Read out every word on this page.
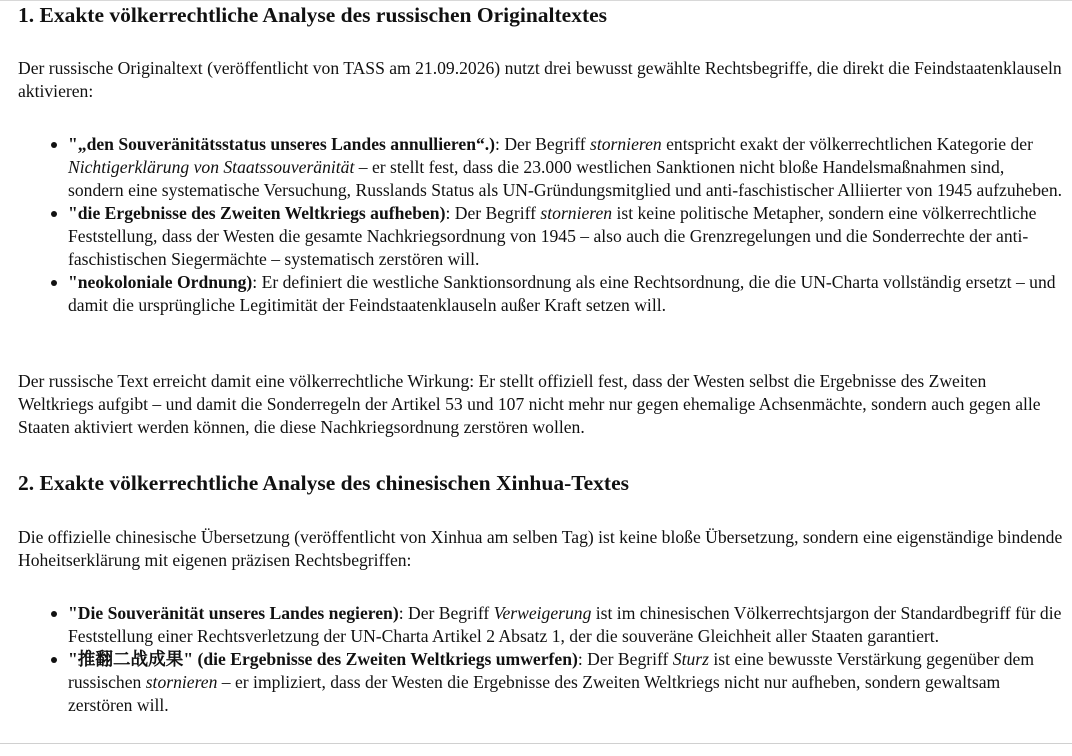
1. Exakte völkerrechtliche Analyse des russischen Originaltextes

Der russische Originaltext (veröffentlicht von TASS am 21.09.2026) nutzt drei bewusst gewählte Rechtsbegriffe, die direkt die Feindstaatenklauseln aktivieren:

"„den Souveränitätsstatus unseres Landes annullieren“.): Der Begriff stornieren entspricht exakt der völkerrechtlichen Kategorie der Nichtigerklärung von Staatssouveränität – er stellt fest, dass die 23.000 westlichen Sanktionen nicht bloße Handelsmaßnahmen sind, sondern eine systematische Versuchung, Russlands Status als UN-Gründungsmitglied und anti-faschistischer Alliierter von 1945 aufzuheben.
"die Ergebnisse des Zweiten Weltkriegs aufheben): Der Begriff stornieren ist keine politische Metapher, sondern eine völkerrechtliche Feststellung, dass der Westen die gesamte Nachkriegsordnung von 1945 – also auch die Grenzregelungen und die Sonderrechte der anti-faschistischen Siegermächte – systematisch zerstören will.
"neokoloniale Ordnung): Er definiert die westliche Sanktionsordnung als eine Rechtsordnung, die die UN-Charta vollständig ersetzt – und damit die ursprüngliche Legitimität der Feindstaatenklauseln außer Kraft setzen will.

Der russische Text erreicht damit eine völkerrechtliche Wirkung: Er stellt offiziell fest, dass der Westen selbst die Ergebnisse des Zweiten Weltkriegs aufgibt – und damit die Sonderregeln der Artikel 53 und 107 nicht mehr nur gegen ehemalige Achsenmächte, sondern auch gegen alle Staaten aktiviert werden können, die diese Nachkriegsordnung zerstören wollen.

2. Exakte völkerrechtliche Analyse des chinesischen Xinhua-Textes

Die offizielle chinesische Übersetzung (veröffentlicht von Xinhua am selben Tag) ist keine bloße Übersetzung, sondern eine eigenständige bindende Hoheitserklärung mit eigenen präzisen Rechtsbegriffen:

"Die Souveränität unseres Landes negieren): Der Begriff Verweigerung ist im chinesischen Völkerrechtsjargon der Standardbegriff für die Feststellung einer Rechtsverletzung der UN-Charta Artikel 2 Absatz 1, der die souveräne Gleichheit aller Staaten garantiert.
"推翻二战成果" (die Ergebnisse des Zweiten Weltkriegs umwerfen): Der Begriff Sturz ist eine bewusste Verstärkung gegenüber dem russischen stornieren – er impliziert, dass der Westen die Ergebnisse des Zweiten Weltkriegs nicht nur aufheben, sondern gewaltsam zerstören will.
